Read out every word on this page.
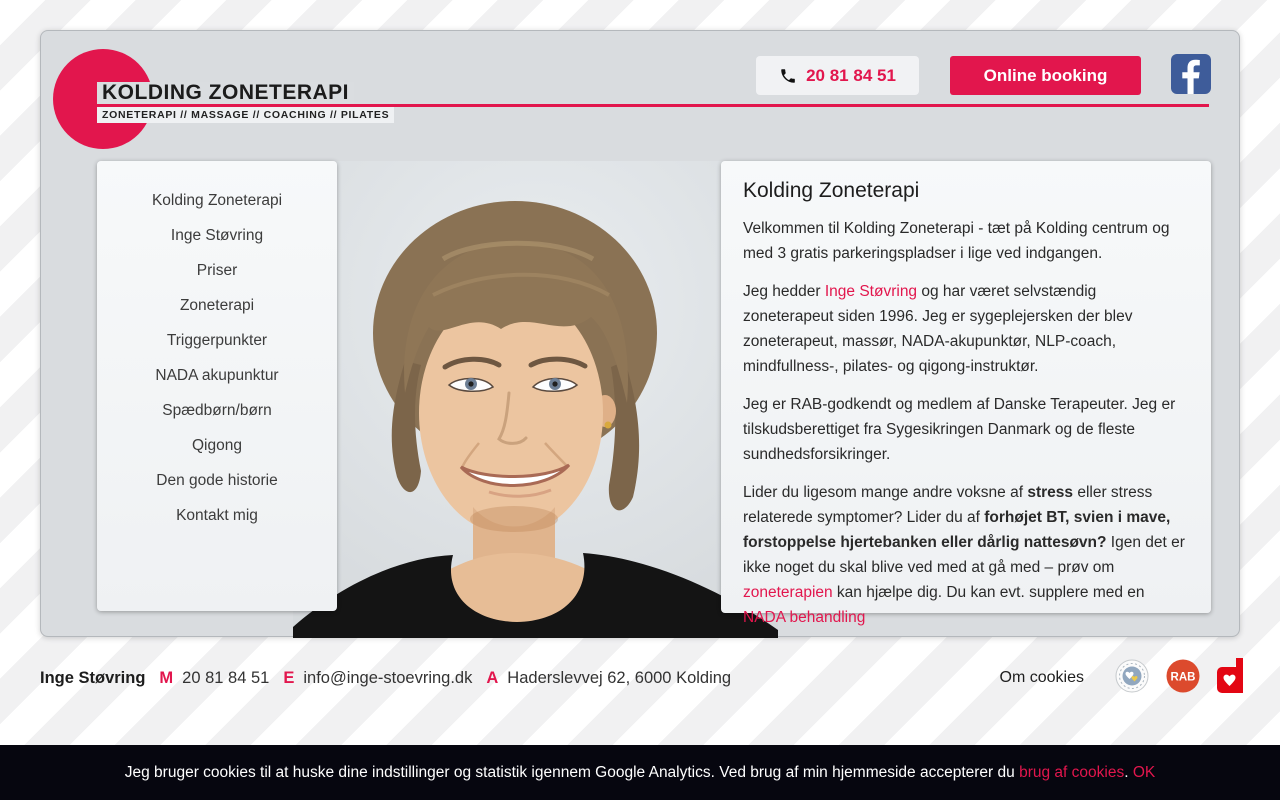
KOLDING ZONETERAPI
ZONETERAPI // MASSAGE // COACHING // PILATES
20 81 84 51	Online booking
Kolding Zoneterapi
Inge Støvring
Priser
Zoneterapi
Triggerpunkter
NADA akupunktur
Spædbørn/børn
Qigong
Den gode historie
Kontakt mig
Kolding Zoneterapi

Velkommen til Kolding Zoneterapi - tæt på Kolding centrum og med 3 gratis parkeringspladser i lige ved indgangen.

Jeg hedder Inge Støvring og har været selvstændig zoneterapeut siden 1996. Jeg er sygeplejersken der blev zoneterapeut, massør, NADA-akupunktør, NLP-coach, mindfullness-, pilates- og qigong-instruktør.

Jeg er RAB-godkendt og medlem af Danske Terapeuter. Jeg er tilskudsberettiget fra Sygesikringen Danmark og de fleste sundhedsforsikringer.

Lider du ligesom mange andre voksne af stress eller stress relaterede symptomer? Lider du af forhøjet BT, svien i mave, forstoppelse hjertebanken eller dårlig nattesøvn? Igen det er ikke noget du skal blive ved med at gå med – prøv om zoneterapien kan hjælpe dig. Du kan evt. supplere med en NADA behandling

Inge Støvring M 20 81 84 51 E info@inge-stoevring.dk A Haderslevvej 62, 6000 Kolding	Om cookies	RAB
Jeg bruger cookies til at huske dine indstillinger og statistik igennem Google Analytics. Ved brug af min hjemmeside accepterer du brug af cookies. OK
